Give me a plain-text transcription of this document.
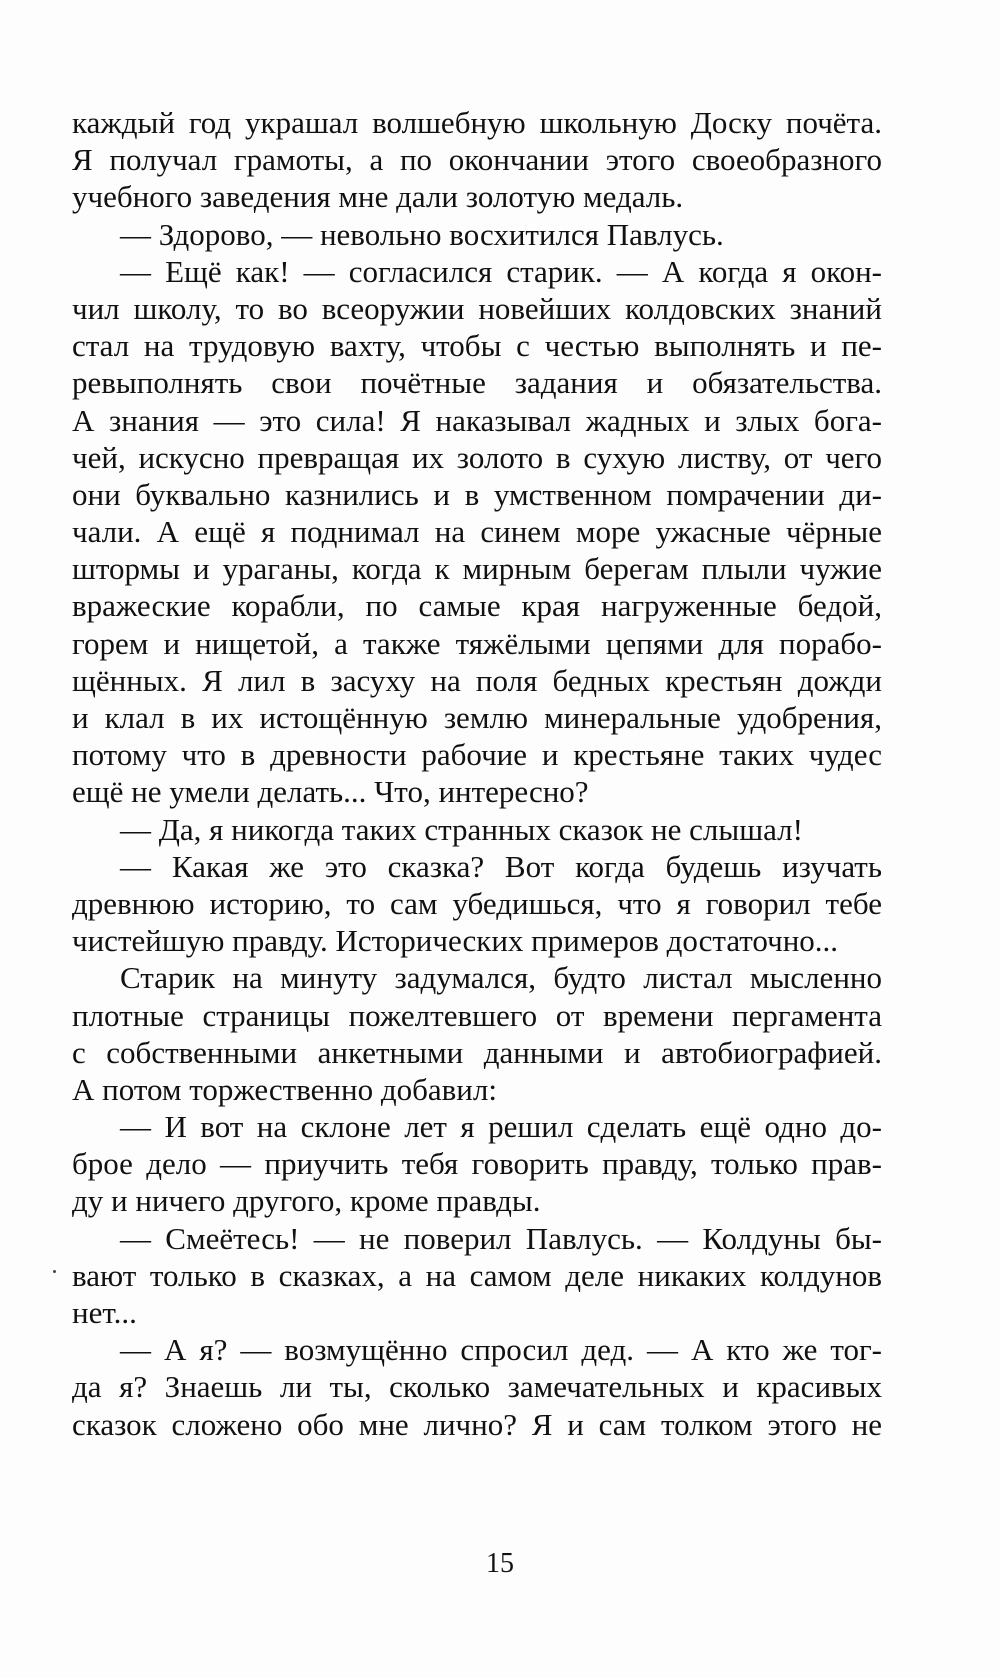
каждый год украшал волшебную школьную Доску почёта.
Я получал грамоты, а по окончании этого своеобразного
учебного заведения мне дали золотую медаль.
— Здорово, — невольно восхитился Павлусь.
— Ещё как! — согласился старик. — А когда я окон-
чил школу, то во всеоружии новейших колдовских знаний
стал на трудовую вахту, чтобы с честью выполнять и пе-
ревыполнять свои почётные задания и обязательства.
А знания — это сила! Я наказывал жадных и злых бога-
чей, искусно превращая их золото в сухую листву, от чего
они буквально казнились и в умственном помрачении ди-
чали. А ещё я поднимал на синем море ужасные чёрные
штормы и ураганы, когда к мирным берегам плыли чужие
вражеские корабли, по самые края нагруженные бедой,
горем и нищетой, а также тяжёлыми цепями для порабо-
щённых. Я лил в засуху на поля бедных крестьян дожди
и клал в их истощённую землю минеральные удобрения,
потому что в древности рабочие и крестьяне таких чудес
ещё не умели делать... Что, интересно?
— Да, я никогда таких странных сказок не слышал!
— Какая же это сказка? Вот когда будешь изучать
древнюю историю, то сам убедишься, что я говорил тебе
чистейшую правду. Исторических примеров достаточно...
Старик на минуту задумался, будто листал мысленно
плотные страницы пожелтевшего от времени пергамента
с собственными анкетными данными и автобиографией.
А потом торжественно добавил:
— И вот на склоне лет я решил сделать ещё одно до-
брое дело — приучить тебя говорить правду, только прав-
ду и ничего другого, кроме правды.
— Смеётесь! — не поверил Павлусь. — Колдуны бы-
вают только в сказках, а на самом деле никаких колдунов
нет...
— А я? — возмущённо спросил дед. — А кто же тог-
да я? Знаешь ли ты, сколько замечательных и красивых
сказок сложено обо мне лично? Я и сам толком этого не
15
